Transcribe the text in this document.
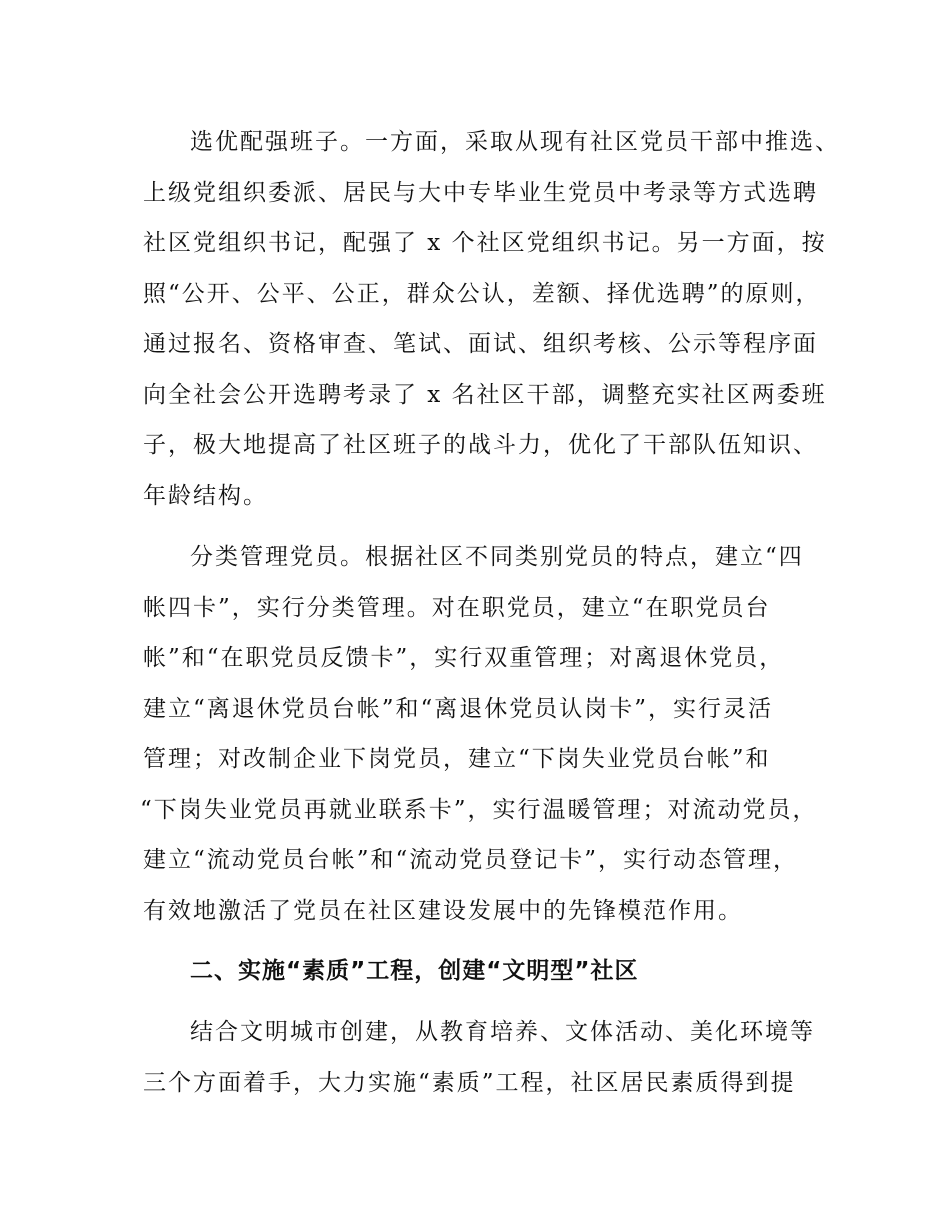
选优配强班子。一方面，采取从现有社区党员干部中推选、
上级党组织委派、居民与大中专毕业生党员中考录等方式选聘
社区党组织书记，配强了 x 个社区党组织书记。另一方面，按
照“公开、公平、公正，群众公认，差额、择优选聘”的原则，
通过报名、资格审查、笔试、面试、组织考核、公示等程序面
向全社会公开选聘考录了 x 名社区干部，调整充实社区两委班
子，极大地提高了社区班子的战斗力，优化了干部队伍知识、
年龄结构。
分类管理党员。根据社区不同类别党员的特点，建立“四
帐四卡”，实行分类管理。对在职党员，建立“在职党员台
帐”和“在职党员反馈卡”，实行双重管理；对离退休党员，
建立“离退休党员台帐”和“离退休党员认岗卡”，实行灵活
管理；对改制企业下岗党员，建立“下岗失业党员台帐”和
“下岗失业党员再就业联系卡”，实行温暖管理；对流动党员，
建立“流动党员台帐”和“流动党员登记卡”，实行动态管理，
有效地激活了党员在社区建设发展中的先锋模范作用。
二、实施“素质”工程，创建“文明型”社区
结合文明城市创建，从教育培养、文体活动、美化环境等
三个方面着手，大力实施“素质”工程，社区居民素质得到提
